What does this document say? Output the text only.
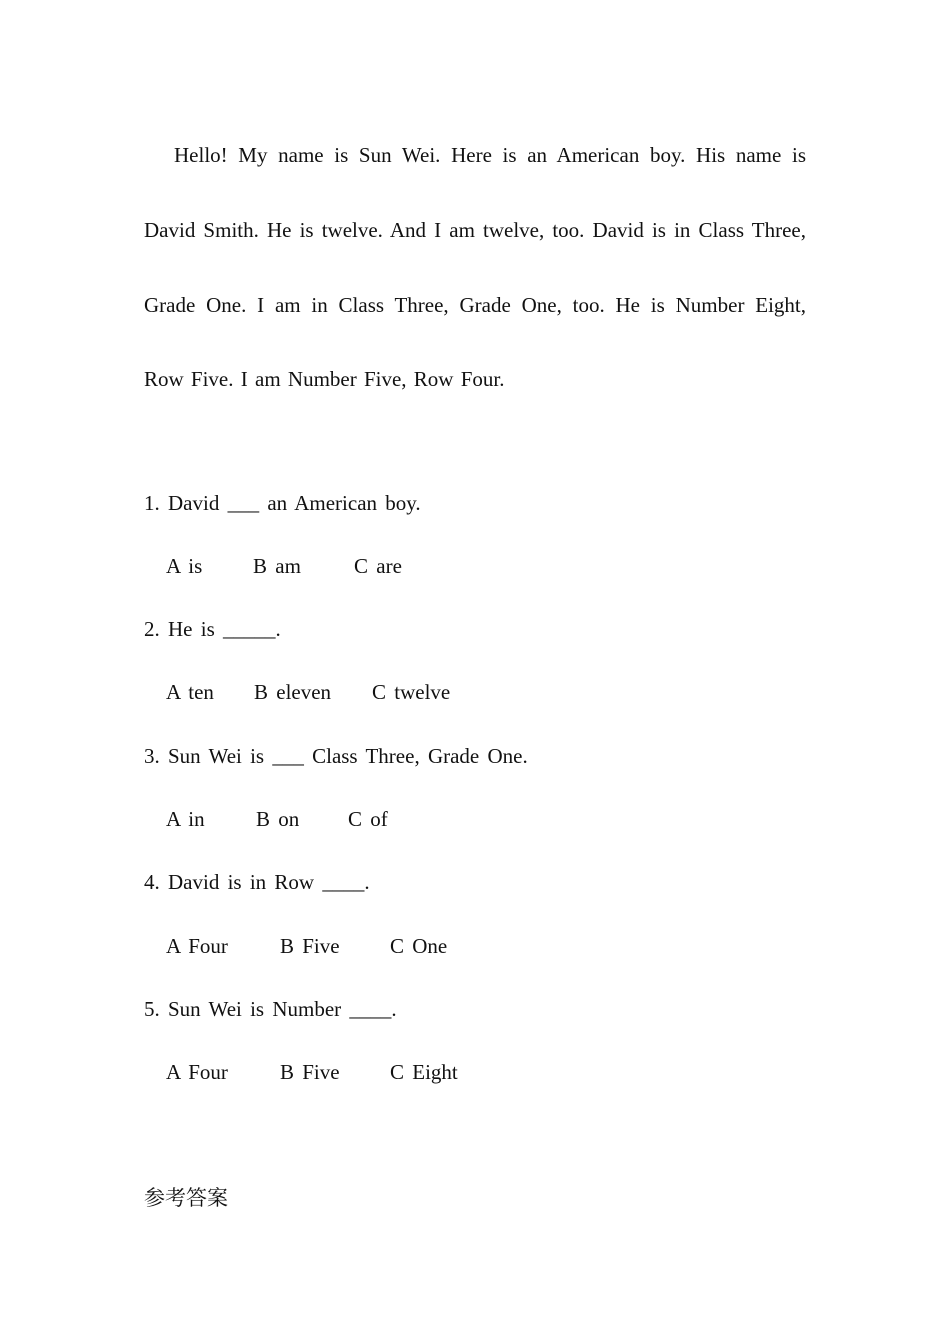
Hello! My name is Sun Wei. Here is an American boy. His name is David Smith. He is twelve. And I am twelve, too. David is in Class Three, Grade One. I am in Class Three, Grade One, too. He is Number Eight, Row Five. I am Number Five, Row Four.

1. David ___ an American boy.

A is	B am	C are

2. He is _____.

A ten	B eleven	C twelve

3. Sun Wei is ___ Class Three, Grade One.

A in	B on	C of

4. David is in Row ____.

A Four	B Five	C One

5. Sun Wei is Number ____.

A Four	B Five	C Eight

参考答案
